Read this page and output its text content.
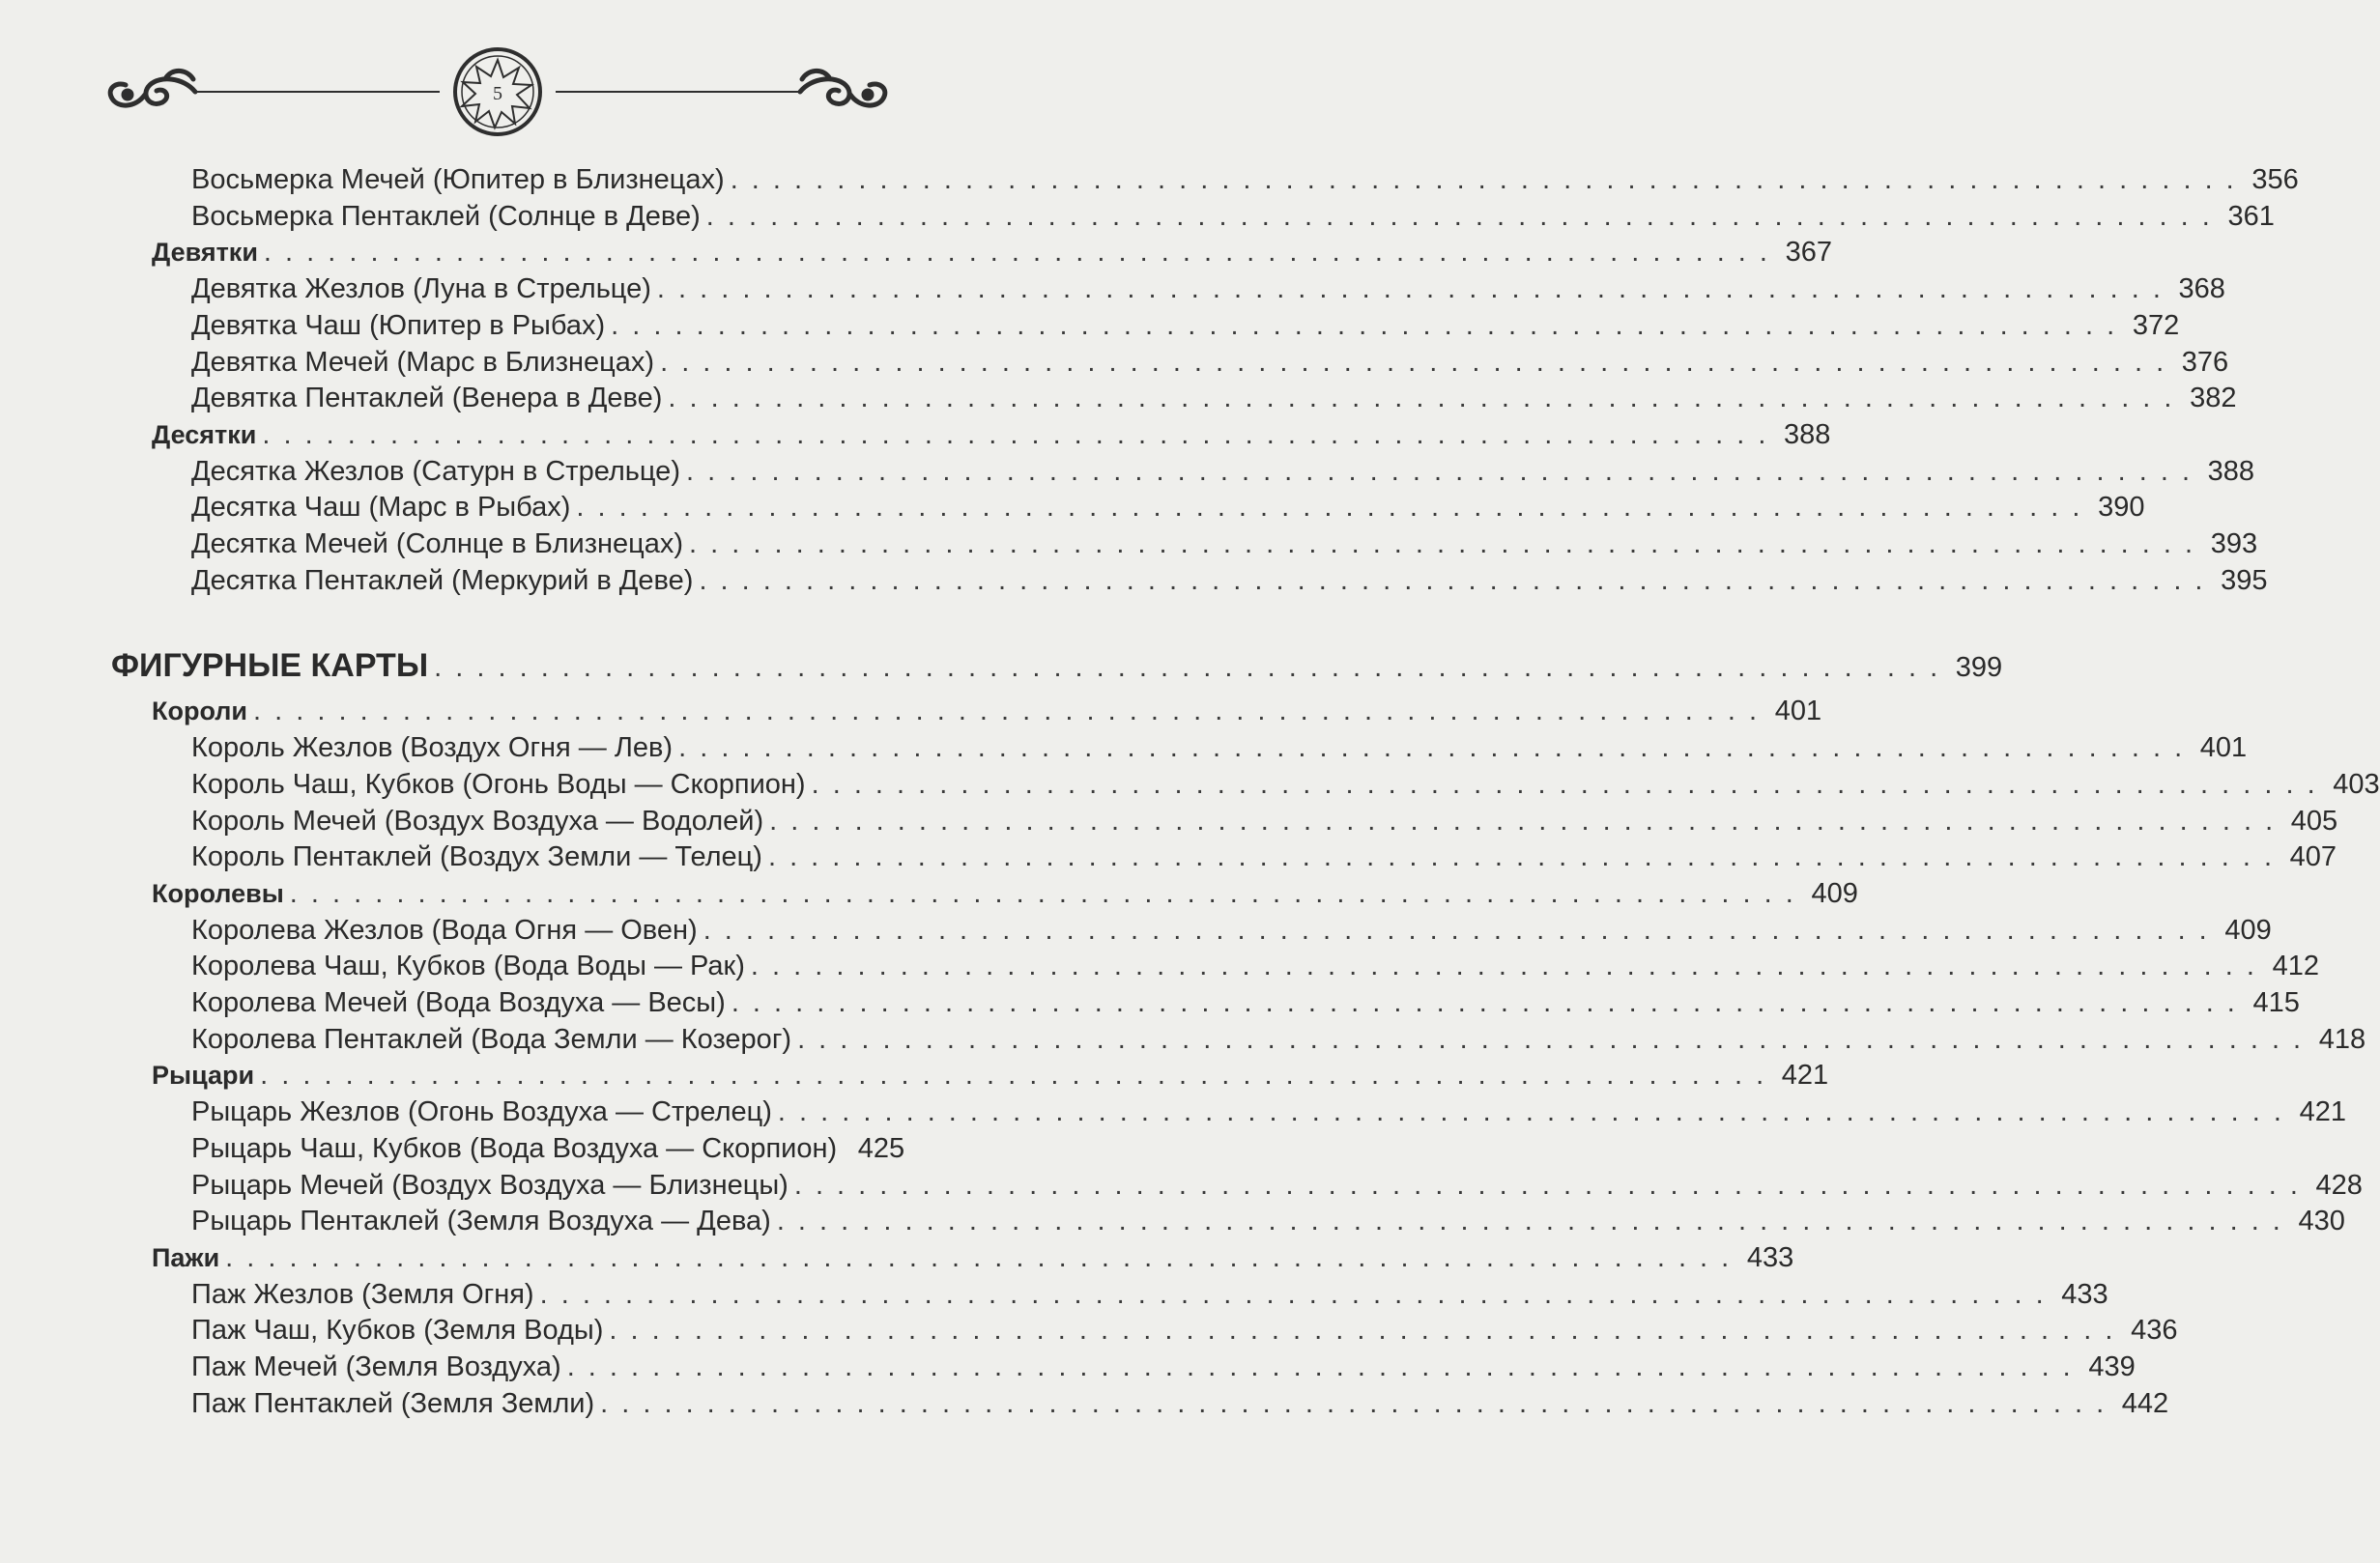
5
Восьмерка Мечей (Юпитер в Близнецах) . . . . . . . . . . . . . . . . . . . . . . . . . . . . . . . . . . . . . . . . . . . . . . . . . . . . . . . . . . . . . . . . . . . . . . . 356
Восьмерка Пентаклей (Солнце в Деве) . . . . . . . . . . . . . . . . . . . . . . . . . . . . . . . . . . . . . . . . . . . . . . . . . . . . . . . . . . . . . . . . . . . . . . . 361
Девятки . . . . . . . . . . . . . . . . . . . . . . . . . . . . . . . . . . . . . . . . . . . . . . . . . . . . . . . . . . . . . . . . . . . . . . . 367
Девятка Жезлов (Луна в Стрельце) . . . . . . . . . . . . . . . . . . . . . . . . . . . . . . . . . . . . . . . . . . . . . . . . . . . . . . . . . . . . . . . . . . . . . . . 368
Девятка Чаш (Юпитер в Рыбах) . . . . . . . . . . . . . . . . . . . . . . . . . . . . . . . . . . . . . . . . . . . . . . . . . . . . . . . . . . . . . . . . . . . . . . . 372
Девятка Мечей (Марс в Близнецах) . . . . . . . . . . . . . . . . . . . . . . . . . . . . . . . . . . . . . . . . . . . . . . . . . . . . . . . . . . . . . . . . . . . . . . . 376
Девятка Пентаклей (Венера в Деве) . . . . . . . . . . . . . . . . . . . . . . . . . . . . . . . . . . . . . . . . . . . . . . . . . . . . . . . . . . . . . . . . . . . . . . . 382
Десятки . . . . . . . . . . . . . . . . . . . . . . . . . . . . . . . . . . . . . . . . . . . . . . . . . . . . . . . . . . . . . . . . . . . . . . . 388
Десятка Жезлов (Сатурн в Стрельце) . . . . . . . . . . . . . . . . . . . . . . . . . . . . . . . . . . . . . . . . . . . . . . . . . . . . . . . . . . . . . . . . . . . . . . . 388
Десятка Чаш (Марс в Рыбах) . . . . . . . . . . . . . . . . . . . . . . . . . . . . . . . . . . . . . . . . . . . . . . . . . . . . . . . . . . . . . . . . . . . . . . . 390
Десятка Мечей (Солнце в Близнецах) . . . . . . . . . . . . . . . . . . . . . . . . . . . . . . . . . . . . . . . . . . . . . . . . . . . . . . . . . . . . . . . . . . . . . . . 393
Десятка Пентаклей (Меркурий в Деве) . . . . . . . . . . . . . . . . . . . . . . . . . . . . . . . . . . . . . . . . . . . . . . . . . . . . . . . . . . . . . . . . . . . . . . . 395
ФИГУРНЫЕ КАРТЫ . . . . . . . . . . . . . . . . . . . . . . . . . . . . . . . . . . . . . . . . . . . . . . . . . . . . . . . . . . . . . . . . . . . . . . . 399
Короли . . . . . . . . . . . . . . . . . . . . . . . . . . . . . . . . . . . . . . . . . . . . . . . . . . . . . . . . . . . . . . . . . . . . . . . 401
Король Жезлов (Воздух Огня — Лев) . . . . . . . . . . . . . . . . . . . . . . . . . . . . . . . . . . . . . . . . . . . . . . . . . . . . . . . . . . . . . . . . . . . . . . . 401
Король Чаш, Кубков (Огонь Воды — Скорпион) . . . . . . . . . . . . . . . . . . . . . . . . . . . . . . . . . . . . . . . . . . . . . . . . . . . . . . . . . . . . . . . . . . . . . . . 403
Король Мечей (Воздух Воздуха — Водолей) . . . . . . . . . . . . . . . . . . . . . . . . . . . . . . . . . . . . . . . . . . . . . . . . . . . . . . . . . . . . . . . . . . . . . . . 405
Король Пентаклей (Воздух Земли — Телец) . . . . . . . . . . . . . . . . . . . . . . . . . . . . . . . . . . . . . . . . . . . . . . . . . . . . . . . . . . . . . . . . . . . . . . . 407
Королевы . . . . . . . . . . . . . . . . . . . . . . . . . . . . . . . . . . . . . . . . . . . . . . . . . . . . . . . . . . . . . . . . . . . . . . . 409
Королева Жезлов (Вода Огня — Овен) . . . . . . . . . . . . . . . . . . . . . . . . . . . . . . . . . . . . . . . . . . . . . . . . . . . . . . . . . . . . . . . . . . . . . . . 409
Королева Чаш, Кубков (Вода Воды — Рак) . . . . . . . . . . . . . . . . . . . . . . . . . . . . . . . . . . . . . . . . . . . . . . . . . . . . . . . . . . . . . . . . . . . . . . . 412
Королева Мечей (Вода Воздуха — Весы) . . . . . . . . . . . . . . . . . . . . . . . . . . . . . . . . . . . . . . . . . . . . . . . . . . . . . . . . . . . . . . . . . . . . . . . 415
Королева Пентаклей (Вода Земли — Козерог) . . . . . . . . . . . . . . . . . . . . . . . . . . . . . . . . . . . . . . . . . . . . . . . . . . . . . . . . . . . . . . . . . . . . . . . 418
Рыцари . . . . . . . . . . . . . . . . . . . . . . . . . . . . . . . . . . . . . . . . . . . . . . . . . . . . . . . . . . . . . . . . . . . . . . . 421
Рыцарь Жезлов (Огонь Воздуха — Стрелец) . . . . . . . . . . . . . . . . . . . . . . . . . . . . . . . . . . . . . . . . . . . . . . . . . . . . . . . . . . . . . . . . . . . . . . . 421
Рыцарь Чаш, Кубков (Вода Воздуха — Скорпион) 425
Рыцарь Мечей (Воздух Воздуха — Близнецы) . . . . . . . . . . . . . . . . . . . . . . . . . . . . . . . . . . . . . . . . . . . . . . . . . . . . . . . . . . . . . . . . . . . . . . . 428
Рыцарь Пентаклей (Земля Воздуха — Дева) . . . . . . . . . . . . . . . . . . . . . . . . . . . . . . . . . . . . . . . . . . . . . . . . . . . . . . . . . . . . . . . . . . . . . . . 430
Пажи . . . . . . . . . . . . . . . . . . . . . . . . . . . . . . . . . . . . . . . . . . . . . . . . . . . . . . . . . . . . . . . . . . . . . . . 433
Паж Жезлов (Земля Огня) . . . . . . . . . . . . . . . . . . . . . . . . . . . . . . . . . . . . . . . . . . . . . . . . . . . . . . . . . . . . . . . . . . . . . . . 433
Паж Чаш, Кубков (Земля Воды) . . . . . . . . . . . . . . . . . . . . . . . . . . . . . . . . . . . . . . . . . . . . . . . . . . . . . . . . . . . . . . . . . . . . . . . 436
Паж Мечей (Земля Воздуха) . . . . . . . . . . . . . . . . . . . . . . . . . . . . . . . . . . . . . . . . . . . . . . . . . . . . . . . . . . . . . . . . . . . . . . . 439
Паж Пентаклей (Земля Земли) . . . . . . . . . . . . . . . . . . . . . . . . . . . . . . . . . . . . . . . . . . . . . . . . . . . . . . . . . . . . . . . . . . . . . . . 442
